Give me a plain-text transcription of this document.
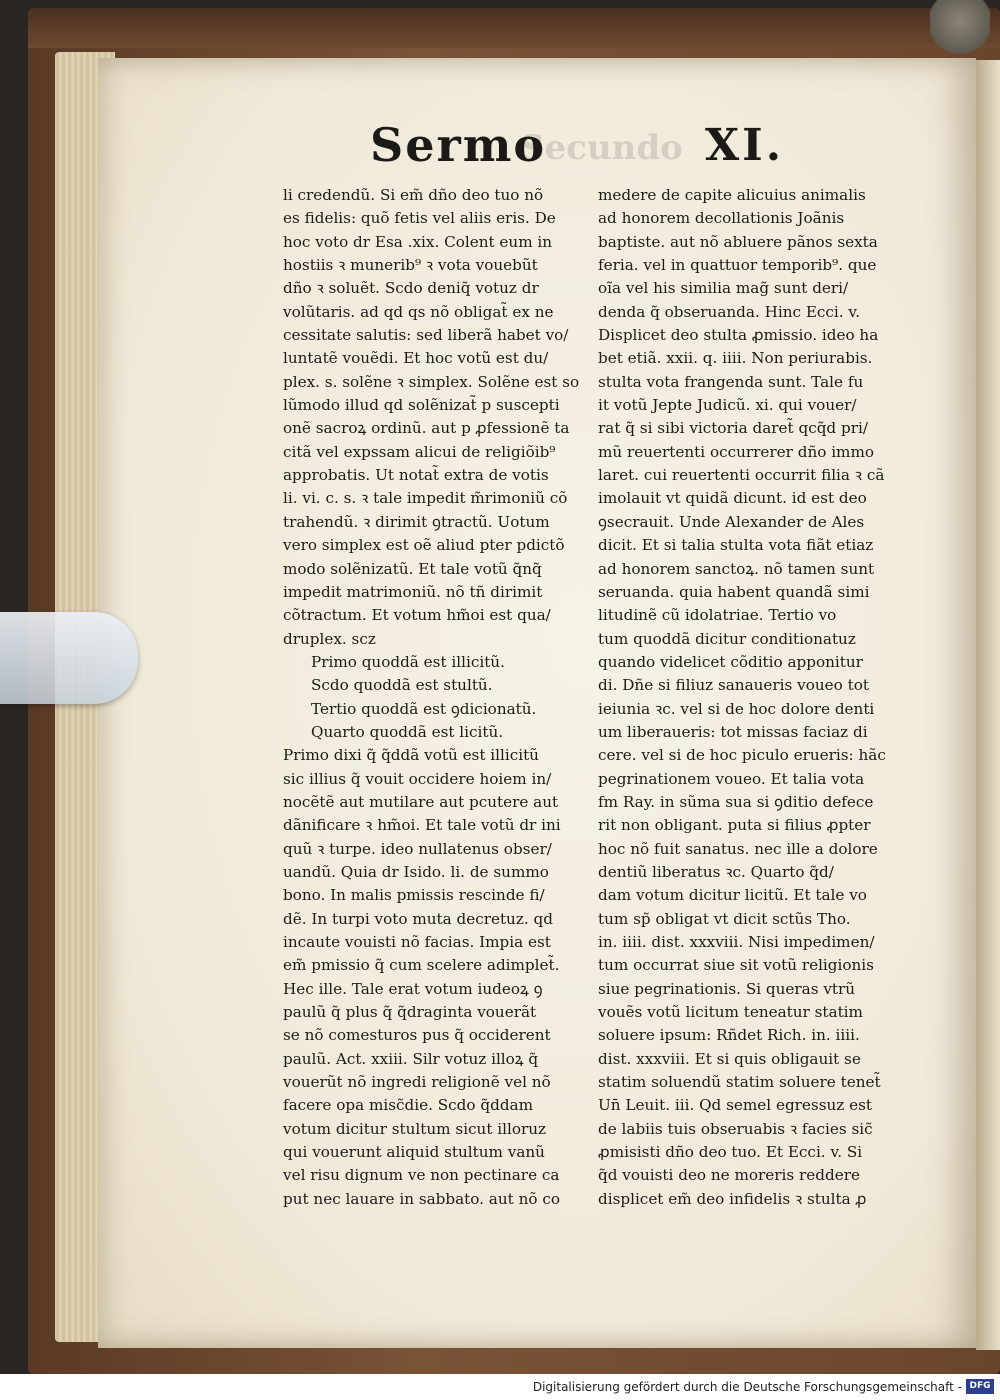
Secundo
Sermo	XI.
li credendũ. Si em̃ dño deo tuo nõ
es fidelis: quõ fetis vel aliis eris. De
hoc voto dr Esa .xix. Colent eum in
hostiis ꝛ munerib⁹ ꝛ vota vouebũt
dño ꝛ soluẽt. Scdo deniq̃ votuz dr
volũtaris. ad qd qs nõ obligat̃ ex ne
cessitate salutis: sed liberã habet vo/
luntatẽ vouẽdi. Et hoc votũ est du/
plex. s. solẽne ꝛ simplex. Solẽne est so
lũmodo illud qd solẽnizat̃ p suscepti
onẽ sacroꝝ ordinũ. aut p ꝓfessionẽ ta
citã vel expssam alicui de religiõib⁹
approbatis. Ut notat̃ extra de votis
li. vi. c. s. ꝛ tale impedit m̃rimoniũ cõ
trahendũ. ꝛ dirimit ꝯtractũ. Uotum
vero simplex est oẽ aliud pter pdictõ
modo solẽnizatũ. Et tale votũ q̃nq̃
impedit matrimoniũ. nõ tñ dirimit
cõtractum. Et votum hm̃oi est qua/
druplex. scz
Primo quoddã est illicitũ.
Scdo quoddã est stultũ.
Tertio quoddã est ꝯdicionatũ.
Quarto quoddã est licitũ.
Primo dixi q̃ q̃ddã votũ est illicitũ
sic illius q̃ vouit occidere hoiem in/
nocẽtẽ aut mutilare aut pcutere aut
dãnificare ꝛ hm̃oi. Et tale votũ dr ini
quũ ꝛ turpe. ideo nullatenus obser/
uandũ. Quia dr Isido. li. de summo
bono. In malis pmissis rescinde fi/
dẽ. In turpi voto muta decretuz. qd
incaute vouisti nõ facias. Impia est
em̃ pmissio q̃ cum scelere adimplet̃.
Hec ille. Tale erat votum iudeoꝝ ꝯ
paulũ q̃ plus q̃ q̃draginta vouerãt
se nõ comesturos pus q̃ occiderent
paulũ. Act. xxiii. Silr votuz illoꝝ q̃
vouerũt nõ ingredi religionẽ vel nõ
facere opa misc̃die. Scdo q̃ddam
votum dicitur stultum sicut illoruz
qui vouerunt aliquid stultum vanũ
vel risu dignum ve non pectinare ca
put nec lauare in sabbato. aut nõ co
medere de capite alicuius animalis
ad honorem decollationis Joãnis
baptiste. aut nõ abluere pãnos sexta
feria. vel in quattuor temporib⁹. que
oĩa vel his similia mag̃ sunt deri/
denda q̃ obseruanda. Hinc Ecci. v.
Displicet deo stulta ꝓmissio. ideo ha
bet etiã. xxii. q. iiii. Non periurabis.
stulta vota frangenda sunt. Tale fu
it votũ Jepte Judicũ. xi. qui vouer/
rat q̃ si sibi victoria daret̃ qcq̃d pri/
mũ reuertenti occurrerer dño immo
laret. cui reuertenti occurrit filia ꝛ cã
imolauit vt quidã dicunt. id est deo
ꝯsecrauit. Unde Alexander de Ales
dicit. Et si talia stulta vota fiãt etiaz
ad honorem sanctoꝝ. nõ tamen sunt
seruanda. quia habent quandã simi
litudinẽ cũ idolatriae. Tertio vo
tum quoddã dicitur conditionatuz
quando videlicet cõditio apponitur
di. Dñe si filiuz sanaueris voueo tot
ieiunia ꝛc. vel si de hoc dolore denti
um liberaueris: tot missas faciaz di
cere. vel si de hoc piculo erueris: hãc
pegrinationem voueo. Et talia vota
fm Ray. in sũma sua si ꝯditio defece
rit non obligant. puta si filius ꝓpter
hoc nõ fuit sanatus. nec ille a dolore
dentiũ liberatus ꝛc. Quarto q̃d/
dam votum dicitur licitũ. Et tale vo
tum sp̃ obligat vt dicit sctũs Tho.
in. iiii. dist. xxxviii. Nisi impedimen/
tum occurrat siue sit votũ religionis
siue pegrinationis. Si queras vtrũ
vouẽs votũ licitum teneatur statim
soluere ipsum: Rñdet Rich. in. iiii.
dist. xxxviii. Et si quis obligauit se
statim soluendũ statim soluere tenet̃
Un̄ Leuit. iii. Qd semel egressuz est
de labiis tuis obseruabis ꝛ facies sic̃
ꝓmisisti dño deo tuo. Et Ecci. v. Si
q̃d vouisti deo ne moreris reddere
displicet em̃ deo infidelis ꝛ stulta ꝓ
Digitalisierung gefördert durch die Deutsche Forschungsgemeinschaft - DFG
